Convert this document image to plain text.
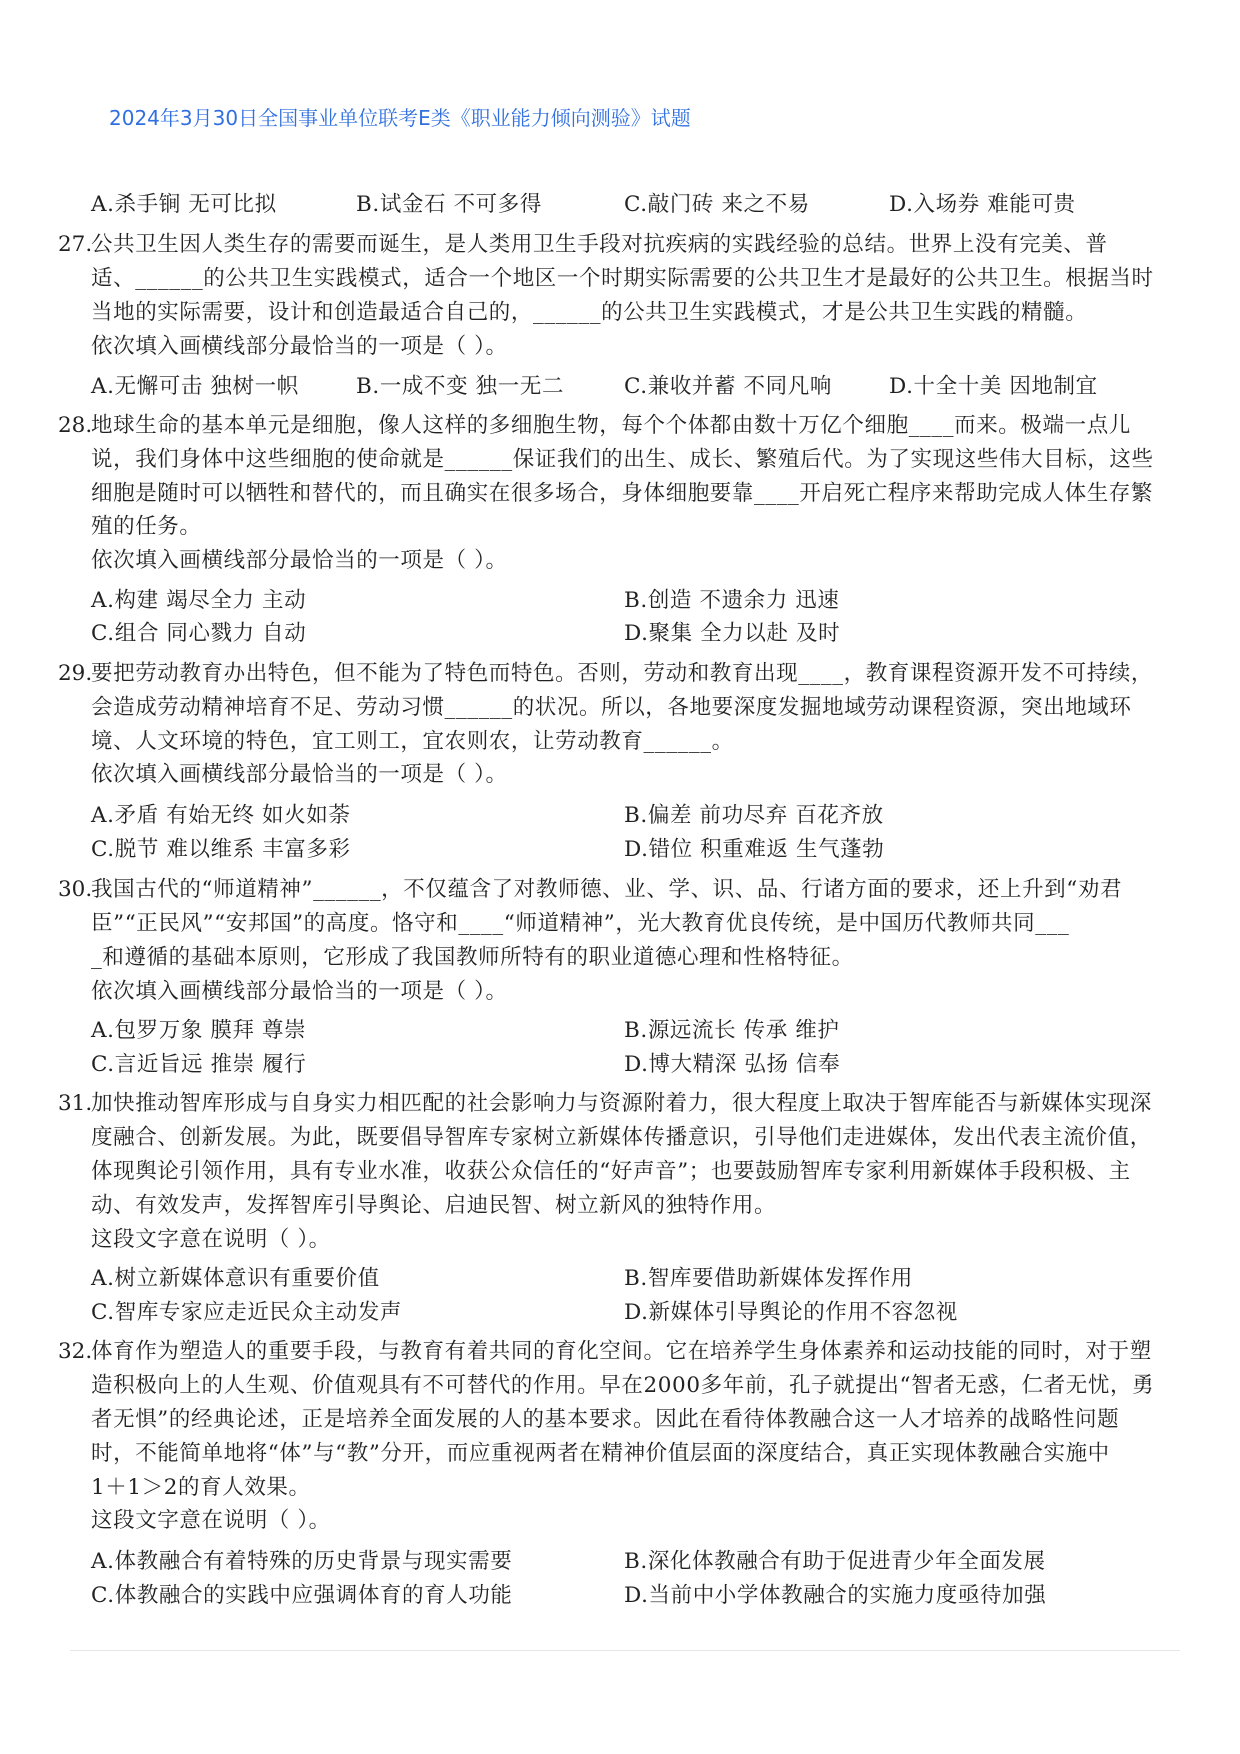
2024年3月30日全国事业单位联考E类《职业能力倾向测验》试题
A.杀手锏 无可比拟	B.试金石 不可多得	C.敲门砖 来之不易	D.入场券 难能可贵
27.
公共卫生因人类生存的需要而诞生，是人类用卫生手段对抗疾病的实践经验的总结。世界上没有完美、普
适、______的公共卫生实践模式，适合一个地区一个时期实际需要的公共卫生才是最好的公共卫生。根据当时
当地的实际需要，设计和创造最适合自己的，______的公共卫生实践模式，才是公共卫生实践的精髓。
依次填入画横线部分最恰当的一项是（ ）。
A.无懈可击 独树一帜	B.一成不变 独一无二	C.兼收并蓄 不同凡响	D.十全十美 因地制宜
28.
地球生命的基本单元是细胞，像人这样的多细胞生物，每个个体都由数十万亿个细胞____而来。极端一点儿
说，我们身体中这些细胞的使命就是______保证我们的出生、成长、繁殖后代。为了实现这些伟大目标，这些
细胞是随时可以牺牲和替代的，而且确实在很多场合，身体细胞要靠____开启死亡程序来帮助完成人体生存繁
殖的任务。
依次填入画横线部分最恰当的一项是（ ）。
A.构建 竭尽全力 主动	B.创造 不遗余力 迅速
C.组合 同心戮力 自动	D.聚集 全力以赴 及时
29.
要把劳动教育办出特色，但不能为了特色而特色。否则，劳动和教育出现____，教育课程资源开发不可持续，
会造成劳动精神培育不足、劳动习惯______的状况。所以，各地要深度发掘地域劳动课程资源，突出地域环
境、人文环境的特色，宜工则工，宜农则农，让劳动教育______。
依次填入画横线部分最恰当的一项是（ ）。
A.矛盾 有始无终 如火如荼	B.偏差 前功尽弃 百花齐放
C.脱节 难以维系 丰富多彩	D.错位 积重难返 生气蓬勃
30.
我国古代的“师道精神”______，不仅蕴含了对教师德、业、学、识、品、行诸方面的要求，还上升到“劝君
臣”“正民风”“安邦国”的高度。恪守和____“师道精神”，光大教育优良传统，是中国历代教师共同___
_和遵循的基础本原则，它形成了我国教师所特有的职业道德心理和性格特征。
依次填入画横线部分最恰当的一项是（ ）。
A.包罗万象 膜拜 尊崇	B.源远流长 传承 维护
C.言近旨远 推崇 履行	D.博大精深 弘扬 信奉
31.
加快推动智库形成与自身实力相匹配的社会影响力与资源附着力，很大程度上取决于智库能否与新媒体实现深
度融合、创新发展。为此，既要倡导智库专家树立新媒体传播意识，引导他们走进媒体，发出代表主流价值，
体现舆论引领作用，具有专业水准，收获公众信任的“好声音”；也要鼓励智库专家利用新媒体手段积极、主
动、有效发声，发挥智库引导舆论、启迪民智、树立新风的独特作用。
这段文字意在说明（ ）。
A.树立新媒体意识有重要价值	B.智库要借助新媒体发挥作用
C.智库专家应走近民众主动发声	D.新媒体引导舆论的作用不容忽视
32.
体育作为塑造人的重要手段，与教育有着共同的育化空间。它在培养学生身体素养和运动技能的同时，对于塑
造积极向上的人生观、价值观具有不可替代的作用。早在2000多年前，孔子就提出“智者无惑，仁者无忧，勇
者无惧”的经典论述，正是培养全面发展的人的基本要求。因此在看待体教融合这一人才培养的战略性问题
时，不能简单地将“体”与“教”分开，而应重视两者在精神价值层面的深度结合，真正实现体教融合实施中
1＋1＞2的育人效果。
这段文字意在说明（ ）。
A.体教融合有着特殊的历史背景与现实需要	B.深化体教融合有助于促进青少年全面发展
C.体教融合的实践中应强调体育的育人功能	D.当前中小学体教融合的实施力度亟待加强
